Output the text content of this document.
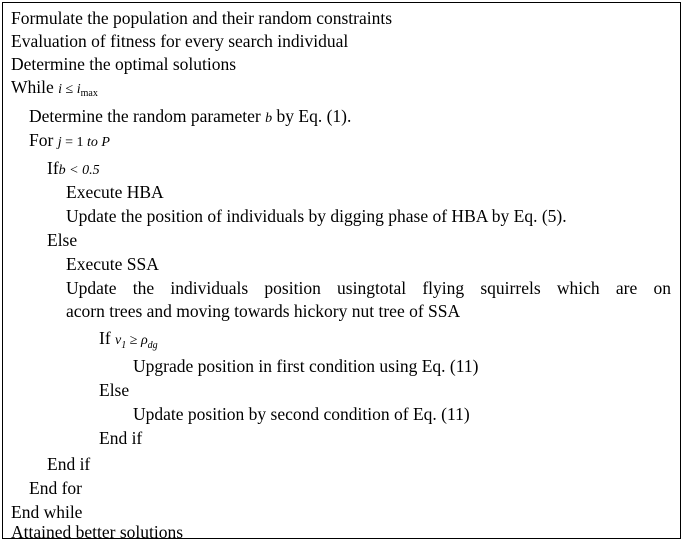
Formulate the population and their random constraints
Evaluation of fitness for every search individual
Determine the optimal solutions
While $i \le i_{max}$
Determine the random parameter b by Eq. (1).
For j = 1 to P
Ifb < 0.5
Execute HBA
Update the position of individuals by digging phase of HBA by Eq. (5).
Else
Execute SSA
Update the individuals position usingtotal flying squirrels which are on
acorn trees and moving towards hickory nut tree of SSA
If $v_1 \ge \rho_{dg}$
Upgrade position in first condition using Eq. (11)
Else
Update position by second condition of Eq. (11)
End if
End if
End for
End while
Attained better solutions
